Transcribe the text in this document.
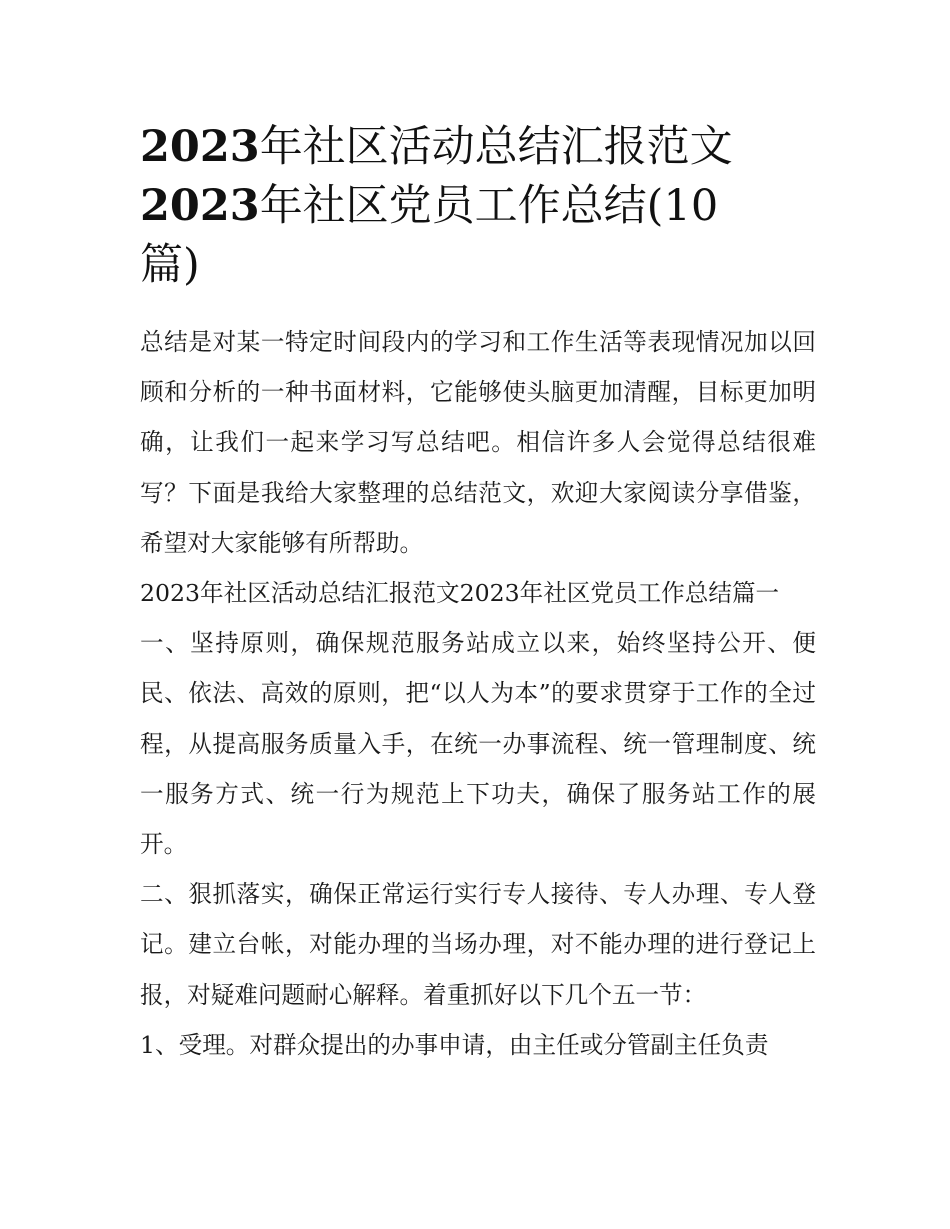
2023年社区活动总结汇报范文
2023年社区党员工作总结(10
篇)

总结是对某一特定时间段内的学习和工作生活等表现情况加以回顾和分析的一种书面材料，它能够使头脑更加清醒，目标更加明确，让我们一起来学习写总结吧。相信许多人会觉得总结很难写？下面是我给大家整理的总结范文，欢迎大家阅读分享借鉴，希望对大家能够有所帮助。

2023年社区活动总结汇报范文2023年社区党员工作总结篇一

一、坚持原则，确保规范服务站成立以来，始终坚持公开、便民、依法、高效的原则，把“以人为本”的要求贯穿于工作的全过程，从提高服务质量入手，在统一办事流程、统一管理制度、统一服务方式、统一行为规范上下功夫，确保了服务站工作的展开。

二、狠抓落实，确保正常运行实行专人接待、专人办理、专人登记。建立台帐，对能办理的当场办理，对不能办理的进行登记上报，对疑难问题耐心解释。着重抓好以下几个五一节：

1、受理。对群众提出的办事申请，由主任或分管副主任负责
